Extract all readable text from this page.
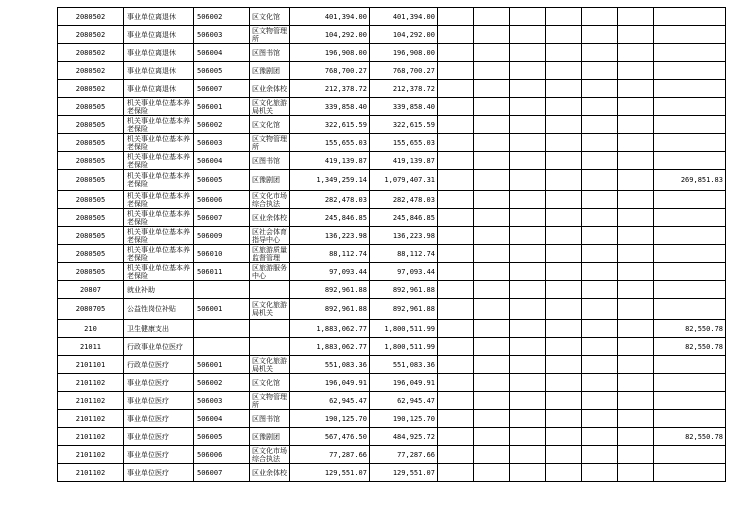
2080502	事业单位离退休	506002	区文化馆	401,394.00	401,394.00							
2080502	事业单位离退休	506003	区文物管理所	104,292.00	104,292.00							
2080502	事业单位离退休	506004	区图书馆	196,908.00	196,908.00							
2080502	事业单位离退休	506005	区豫剧团	768,700.27	768,700.27							
2080502	事业单位离退休	506007	区业余体校	212,378.72	212,378.72							
2080505	机关事业单位基本养老保险	506001	区文化旅游局机关	339,858.40	339,858.40							
2080505	机关事业单位基本养老保险	506002	区文化馆	322,615.59	322,615.59							
2080505	机关事业单位基本养老保险	506003	区文物管理所	155,655.03	155,655.03							
2080505	机关事业单位基本养老保险	506004	区图书馆	419,139.87	419,139.87							
2080505	机关事业单位基本养老保险	506005	区豫剧团	1,349,259.14	1,079,407.31							269,851.83
2080505	机关事业单位基本养老保险	506006	区文化市场综合执法	282,478.03	282,478.03							
2080505	机关事业单位基本养老保险	506007	区业余体校	245,846.85	245,846.85							
2080505	机关事业单位基本养老保险	506009	区社会体育指导中心	136,223.98	136,223.98							
2080505	机关事业单位基本养老保险	506010	区旅游质量监督管理	88,112.74	88,112.74							
2080505	机关事业单位基本养老保险	506011	区旅游服务中心	97,093.44	97,093.44							
20807	就业补助			892,961.88	892,961.88							
2080705	公益性岗位补贴	506001	区文化旅游局机关	892,961.88	892,961.88							
210	卫生健康支出			1,883,062.77	1,800,511.99							82,550.78
21011	行政事业单位医疗			1,883,062.77	1,800,511.99							82,550.78
2101101	行政单位医疗	506001	区文化旅游局机关	551,083.36	551,083.36							
2101102	事业单位医疗	506002	区文化馆	196,049.91	196,049.91							
2101102	事业单位医疗	506003	区文物管理所	62,945.47	62,945.47							
2101102	事业单位医疗	506004	区图书馆	190,125.70	190,125.70							
2101102	事业单位医疗	506005	区豫剧团	567,476.50	484,925.72							82,550.78
2101102	事业单位医疗	506006	区文化市场综合执法	77,287.66	77,287.66							
2101102	事业单位医疗	506007	区业余体校	129,551.07	129,551.07							
